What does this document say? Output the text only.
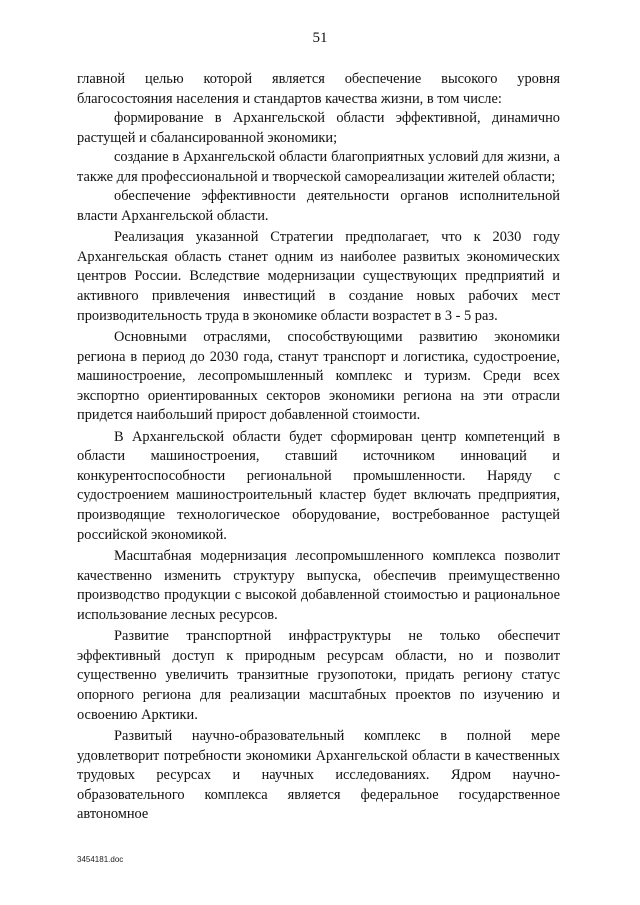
51

главной целью которой является обеспечение высокого уровня благосостояния населения и стандартов качества жизни, в том числе:

формирование в Архангельской области эффективной, динамично растущей и сбалансированной экономики;

создание в Архангельской области благоприятных условий для жизни, а также для профессиональной и творческой самореализации жителей области;

обеспечение эффективности деятельности органов исполнительной власти Архангельской области.

Реализация указанной Стратегии предполагает, что к 2030 году Архангельская область станет одним из наиболее развитых экономических центров России. Вследствие модернизации существующих предприятий и активного привлечения инвестиций в создание новых рабочих мест производительность труда в экономике области возрастет в 3 - 5 раз.

Основными отраслями, способствующими развитию экономики региона в период до 2030 года, станут транспорт и логистика, судостроение, машиностроение, лесопромышленный комплекс и туризм. Среди всех экспортно ориентированных секторов экономики региона на эти отрасли придется наибольший прирост добавленной стоимости.

В Архангельской области будет сформирован центр компетенций в области машиностроения, ставший источником инноваций и конкурентоспособности региональной промышленности. Наряду с судостроением машиностроительный кластер будет включать предприятия, производящие технологическое оборудование, востребованное растущей российской экономикой.

Масштабная модернизация лесопромышленного комплекса позволит качественно изменить структуру выпуска, обеспечив преимущественно производство продукции с высокой добавленной стоимостью и рациональное использование лесных ресурсов.

Развитие транспортной инфраструктуры не только обеспечит эффективный доступ к природным ресурсам области, но и позволит существенно увеличить транзитные грузопотоки, придать региону статус опорного региона для реализации масштабных проектов по изучению и освоению Арктики.

Развитый научно-образовательный комплекс в полной мере удовлетворит потребности экономики Архангельской области в качественных трудовых ресурсах и научных исследованиях. Ядром научно-образовательного комплекса является федеральное государственное автономное

3454181.doc
